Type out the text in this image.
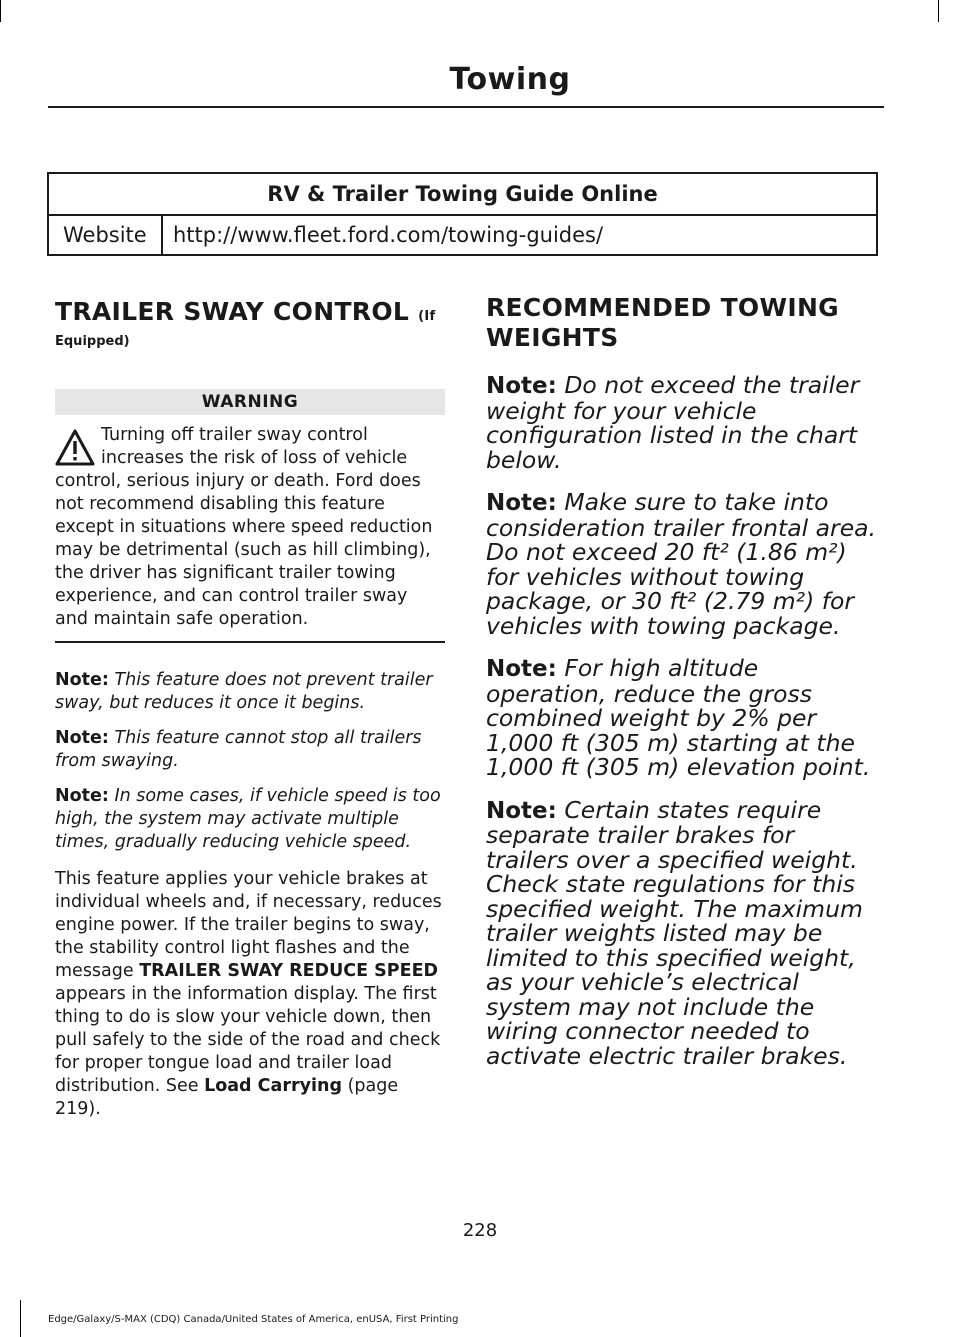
Towing
RV & Trailer Towing Guide Online
Website	http://www.fleet.ford.com/towing-guides/
TRAILER SWAY CONTROL (If
Equipped)
WARNING
Turning off trailer sway control increases the risk of loss of vehicle control, serious injury or death. Ford does not recommend disabling this feature except in situations where speed reduction may be detrimental (such as hill climbing), the driver has significant trailer towing experience, and can control trailer sway and maintain safe operation.
Note: This feature does not prevent trailer sway, but reduces it once it begins.
Note: This feature cannot stop all trailers from swaying.
Note: In some cases, if vehicle speed is too high, the system may activate multiple times, gradually reducing vehicle speed.
This feature applies your vehicle brakes at individual wheels and, if necessary, reduces engine power. If the trailer begins to sway, the stability control light flashes and the message TRAILER SWAY REDUCE SPEED appears in the information display. The first thing to do is slow your vehicle down, then pull safely to the side of the road and check for proper tongue load and trailer load distribution. See Load Carrying (page 219).
RECOMMENDED TOWING
WEIGHTS
Note: Do not exceed the trailer weight for your vehicle configuration listed in the chart below.
Note: Make sure to take into consideration trailer frontal area. Do not exceed 20 ft² (1.86 m²) for vehicles without towing package, or 30 ft² (2.79 m²) for vehicles with towing package.
Note: For high altitude operation, reduce the gross combined weight by 2% per 1,000 ft (305 m) starting at the 1,000 ft (305 m) elevation point.
Note: Certain states require separate trailer brakes for trailers over a specified weight. Check state regulations for this specified weight. The maximum trailer weights listed may be limited to this specified weight, as your vehicle’s electrical system may not include the wiring connector needed to activate electric trailer brakes.
228
Edge/Galaxy/S-MAX (CDQ) Canada/United States of America, enUSA, First Printing
